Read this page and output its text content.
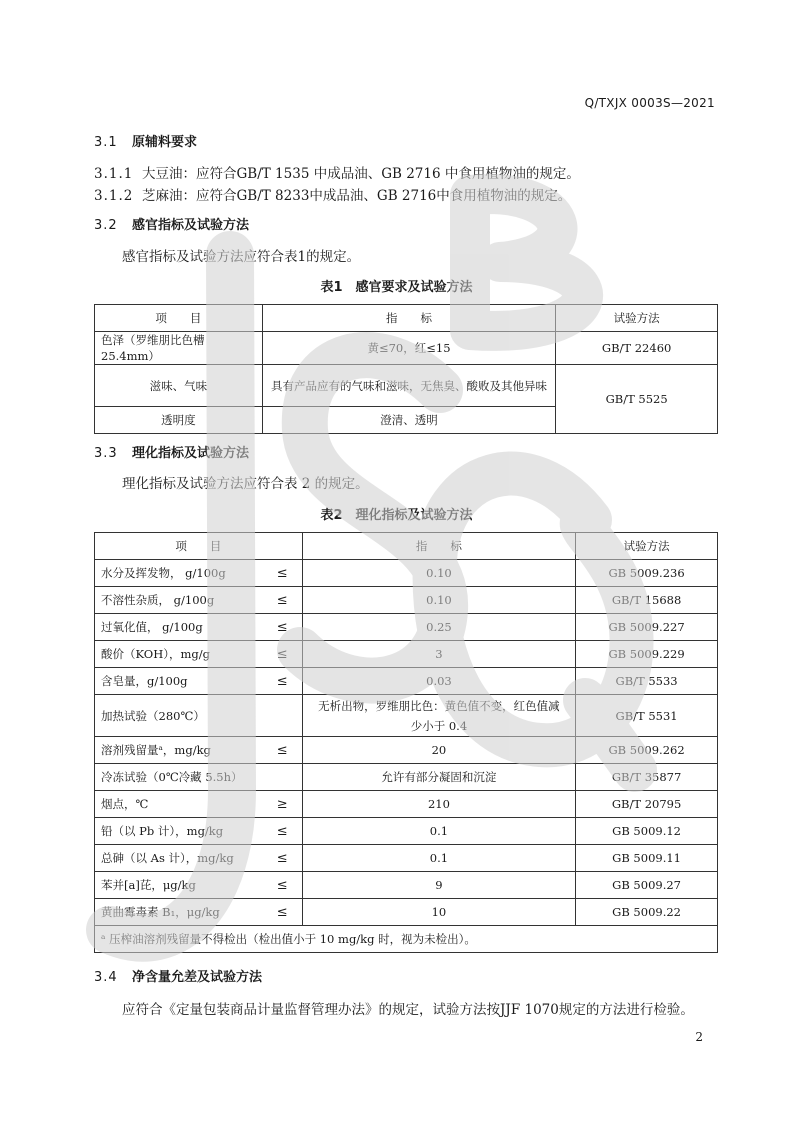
Q/TXJX 0003S—2021
3.1 原辅料要求
3.1.1 大豆油：应符合GB/T 1535 中成品油、GB 2716 中食用植物油的规定。
3.1.2 芝麻油：应符合GB/T 8233中成品油、GB 2716中食用植物油的规定。
3.2 感官指标及试验方法
感官指标及试验方法应符合表1的规定。
表1　感官要求及试验方法
项　　目	指　　标	试验方法
色泽（罗维朋比色槽 25.4mm）	黄≤70，红≤15	GB/T 22460
滋味、气味	具有产品应有的气味和滋味，无焦臭、酸败及其他异味	GB/T 5525
透明度	澄清、透明	
3.3 理化指标及试验方法
理化指标及试验方法应符合表 2 的规定。
表2　理化指标及试验方法
项　　目	指　　标	试验方法

水分及挥发物， g/100g ≤	0.10	GB 5009.236

不溶性杂质， g/100g ≤	0.10	GB/T 15688

过氧化值， g/100g ≤	0.25	GB 5009.227

酸价（KOH），mg/g ≤	3	GB 5009.229

含皂量，g/100g ≤	0.03	GB/T 5533

加热试验（280℃）	无析出物，罗维朋比色：黄色值不变，红色值减少小于 0.4	GB/T 5531

溶剂残留量ᵃ，mg/kg ≤	20	GB 5009.262

冷冻试验（0℃冷藏 5.5h）	允许有部分凝固和沉淀	GB/T 35877

烟点，℃ ≥	210	GB/T 20795

铅（以 Pb 计），mg/kg ≤	0.1	GB 5009.12

总砷（以 As 计），mg/kg ≤	0.1	GB 5009.11

苯并[a]芘，μg/kg ≤	9	GB 5009.27

黄曲霉毒素 B₁，μg/kg ≤	10	GB 5009.22
ᵃ 压榨油溶剂残留量不得检出（检出值小于 10 mg/kg 时，视为未检出）。		
3.4 净含量允差及试验方法
应符合《定量包装商品计量监督管理办法》的规定，试验方法按JJF 1070规定的方法进行检验。
2
